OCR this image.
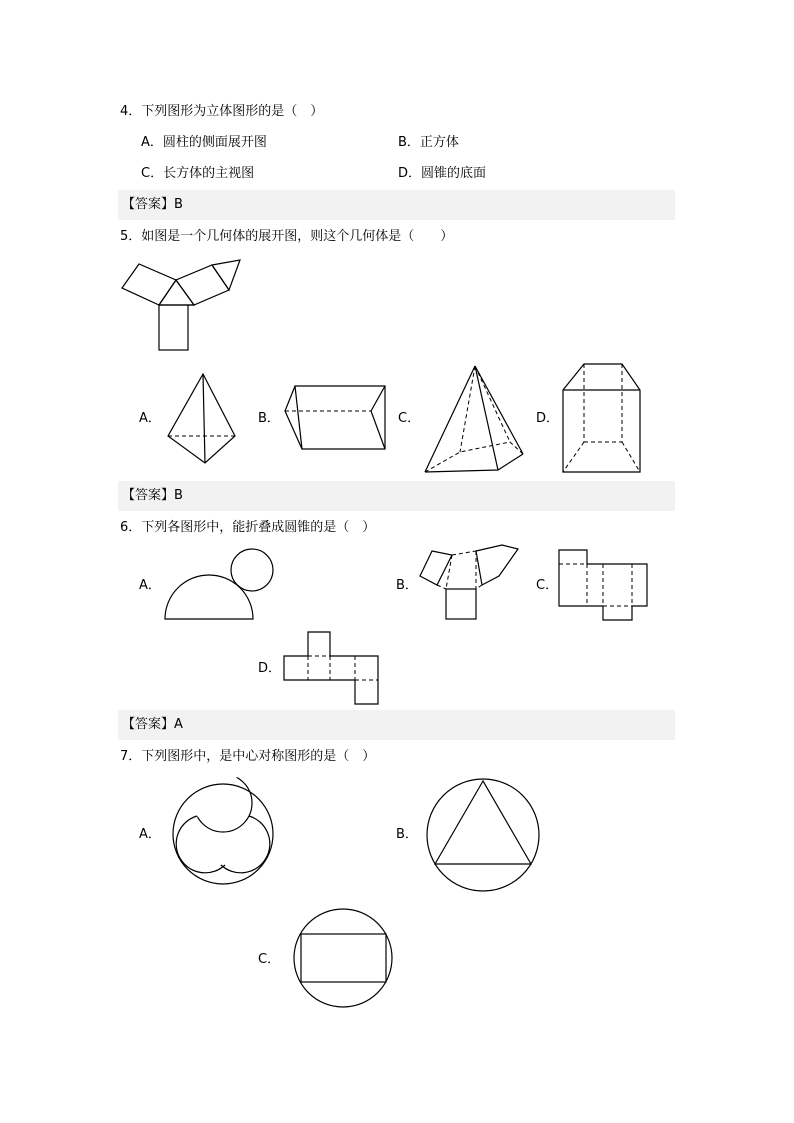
4．下列图形为立体图形的是（　）
A．圆柱的侧面展开图	B．正方体
C．长方体的主视图	D．圆锥的底面
【答案】B
5．如图是一个几何体的展开图，则这个几何体是（　　）
A．	B．	C．	D．
【答案】B
6．下列各图形中，能折叠成圆锥的是（　）
A．	B．	C．
D．
【答案】A
7．下列图形中，是中心对称图形的是（　）
A．	B．
C．
